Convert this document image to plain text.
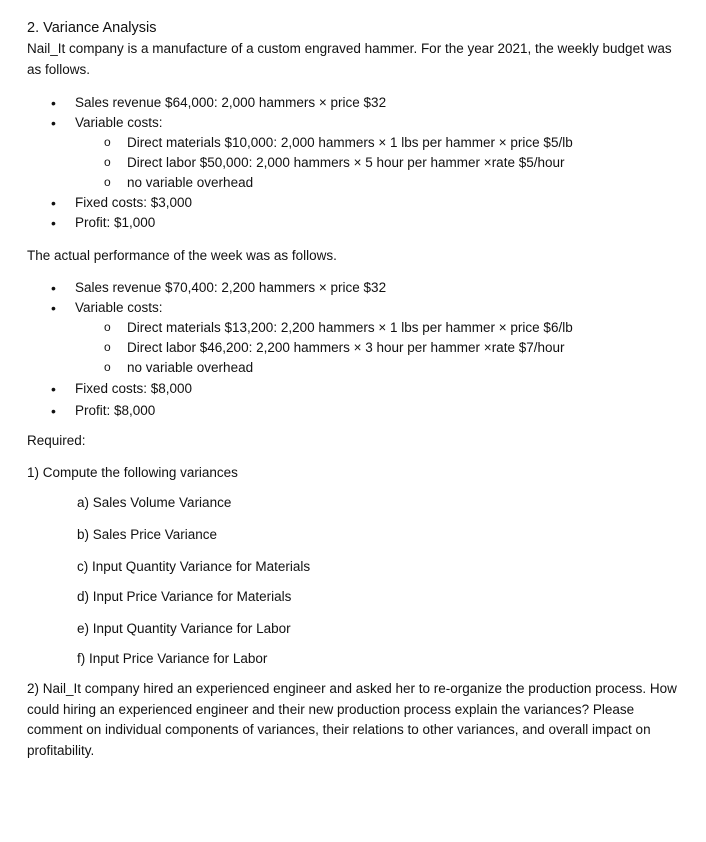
2. Variance Analysis

Nail_It company is a manufacture of a custom engraved hammer. For the year 2021, the weekly budget was as follows.

• Sales revenue $64,000: 2,000 hammers × price $32
• Variable costs:
o Direct materials $10,000: 2,000 hammers × 1 lbs per hammer × price $5/lb
o Direct labor $50,000: 2,000 hammers × 5 hour per hammer ×rate $5/hour
o no variable overhead
• Fixed costs: $3,000
• Profit: $1,000

The actual performance of the week was as follows.

• Sales revenue $70,400: 2,200 hammers × price $32
• Variable costs:
o Direct materials $13,200: 2,200 hammers × 1 lbs per hammer × price $6/lb
o Direct labor $46,200: 2,200 hammers × 3 hour per hammer ×rate $7/hour
o no variable overhead
• Fixed costs: $8,000
• Profit: $8,000

Required:

1) Compute the following variances

a) Sales Volume Variance
b) Sales Price Variance
c) Input Quantity Variance for Materials
d) Input Price Variance for Materials
e) Input Quantity Variance for Labor
f) Input Price Variance for Labor

2) Nail_It company hired an experienced engineer and asked her to re-organize the production process. How could hiring an experienced engineer and their new production process explain the variances? Please comment on individual components of variances, their relations to other variances, and overall impact on profitability.
